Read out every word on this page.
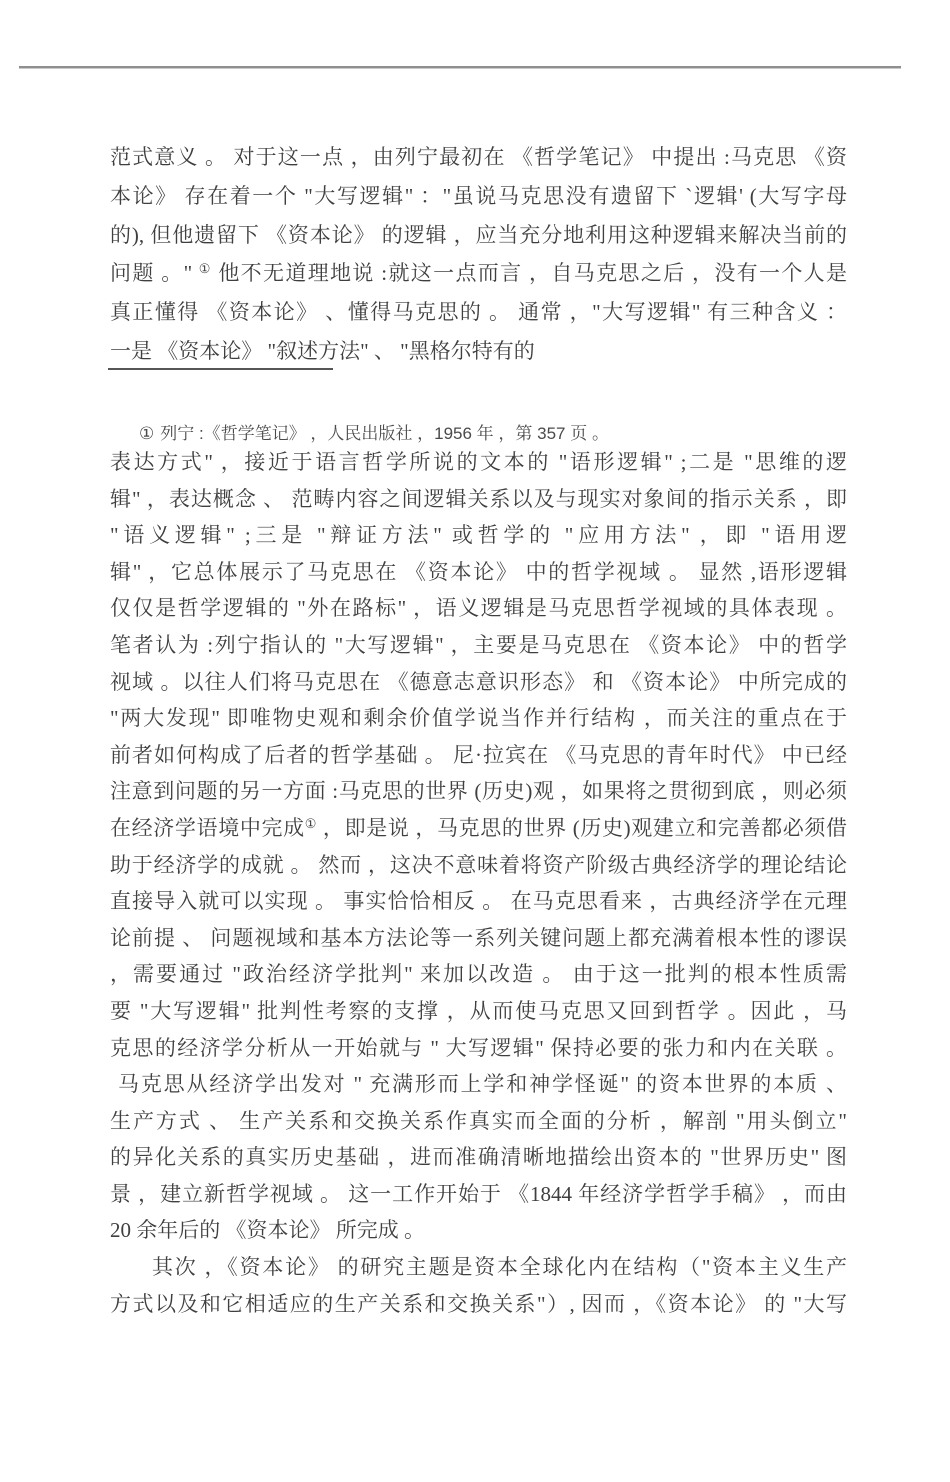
范式意义 。 对于这一点 ，由列宁最初在 《哲学笔记》 中提出 :马克思 《资
本论》 存在着一个 "大写逻辑" ："虽说马克思没有遗留下 `逻辑' (大写字母
的), 但他遗留下 《资本论》 的逻辑 ，应当充分地利用这种逻辑来解决当前的
问题 。" ① 他不无道理地说 :就这一点而言 ，自马克思之后 ，没有一个人是
真正懂得 《资本论》 、懂得马克思的 。 通常 ，"大写逻辑" 有三种含义 ：
一是 《资本论》 "叙述方法" 、 "黑格尔特有的
① 列宁 :《哲学笔记》 ，人民出版社 ，1956 年 ，第 357 页 。
表达方式" ，接近于语言哲学所说的文本的 "语形逻辑" ;二是 "思维的逻
辑" ，表达概念 、 范畴内容之间逻辑关系以及与现实对象间的指示关系 ，即
"语义逻辑" ;三是 "辩证方法" 或哲学的 "应用方法" ，即 "语用逻
辑" ，它总体展示了马克思在 《资本论》 中的哲学视域 。 显然 ,语形逻辑
仅仅是哲学逻辑的 "外在路标" ，语义逻辑是马克思哲学视域的具体表现 。
笔者认为 :列宁指认的 "大写逻辑" ，主要是马克思在 《资本论》 中的哲学
视域 。以往人们将马克思在 《德意志意识形态》 和 《资本论》 中所完成的
"两大发现" 即唯物史观和剩余价值学说当作并行结构 ，而关注的重点在于
前者如何构成了后者的哲学基础 。 尼·拉宾在 《马克思的青年时代》 中已经
注意到问题的另一方面 :马克思的世界 (历史)观 ，如果将之贯彻到底 ，则必须
在经济学语境中完成① ，即是说 ，马克思的世界 (历史)观建立和完善都必须借
助于经济学的成就 。 然而 ，这决不意味着将资产阶级古典经济学的理论结论
直接导入就可以实现 。 事实恰恰相反 。 在马克思看来 ，古典经济学在元理
论前提 、 问题视域和基本方法论等一系列关键问题上都充满着根本性的谬误
，需要通过 "政治经济学批判" 来加以改造 。 由于这一批判的根本性质需
要 "大写逻辑" 批判性考察的支撑 ，从而使马克思又回到哲学 。因此 ，马
克思的经济学分析从一开始就与 " 大写逻辑" 保持必要的张力和内在关联 。
马克思从经济学出发对 " 充满形而上学和神学怪诞" 的资本世界的本质 、
生产方式 、 生产关系和交换关系作真实而全面的分析 ，解剖 "用头倒立"
的异化关系的真实历史基础 ，进而准确清晰地描绘出资本的 "世界历史" 图
景 ，建立新哲学视域 。 这一工作开始于 《1844 年经济学哲学手稿》 ，而由
20 余年后的 《资本论》 所完成 。
其次 ，《资本论》 的研究主题是资本全球化内在结构（"资本主义生产
方式以及和它相适应的生产关系和交换关系"）, 因而 ，《资本论》 的 "大写
